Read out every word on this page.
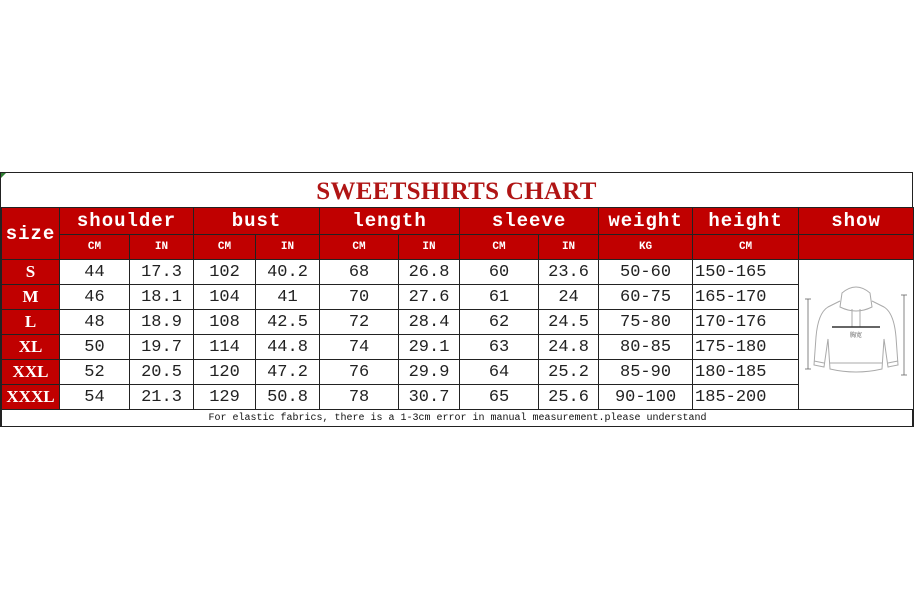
SWEETSHIRTS CHART
size	shoulder		bust		length		sleeve		weight	height	show
	CM	IN	CM	IN	CM	IN	CM	IN	KG	CM	
S	44	17.3	102	40.2	68	26.8	60	23.6	50-60	150-165	胸宽

M	46	18.1	104	41	70	27.6	61	24	60-75	165-170	
L	48	18.9	108	42.5	72	28.4	62	24.5	75-80	170-176	
XL	50	19.7	114	44.8	74	29.1	63	24.8	80-85	175-180	
XXL	52	20.5	120	47.2	76	29.9	64	25.2	85-90	180-185	
XXXL	54	21.3	129	50.8	78	30.7	65	25.6	90-100	185-200	
For elastic fabrics, there is a 1-3cm error in manual measurement.please understand											
